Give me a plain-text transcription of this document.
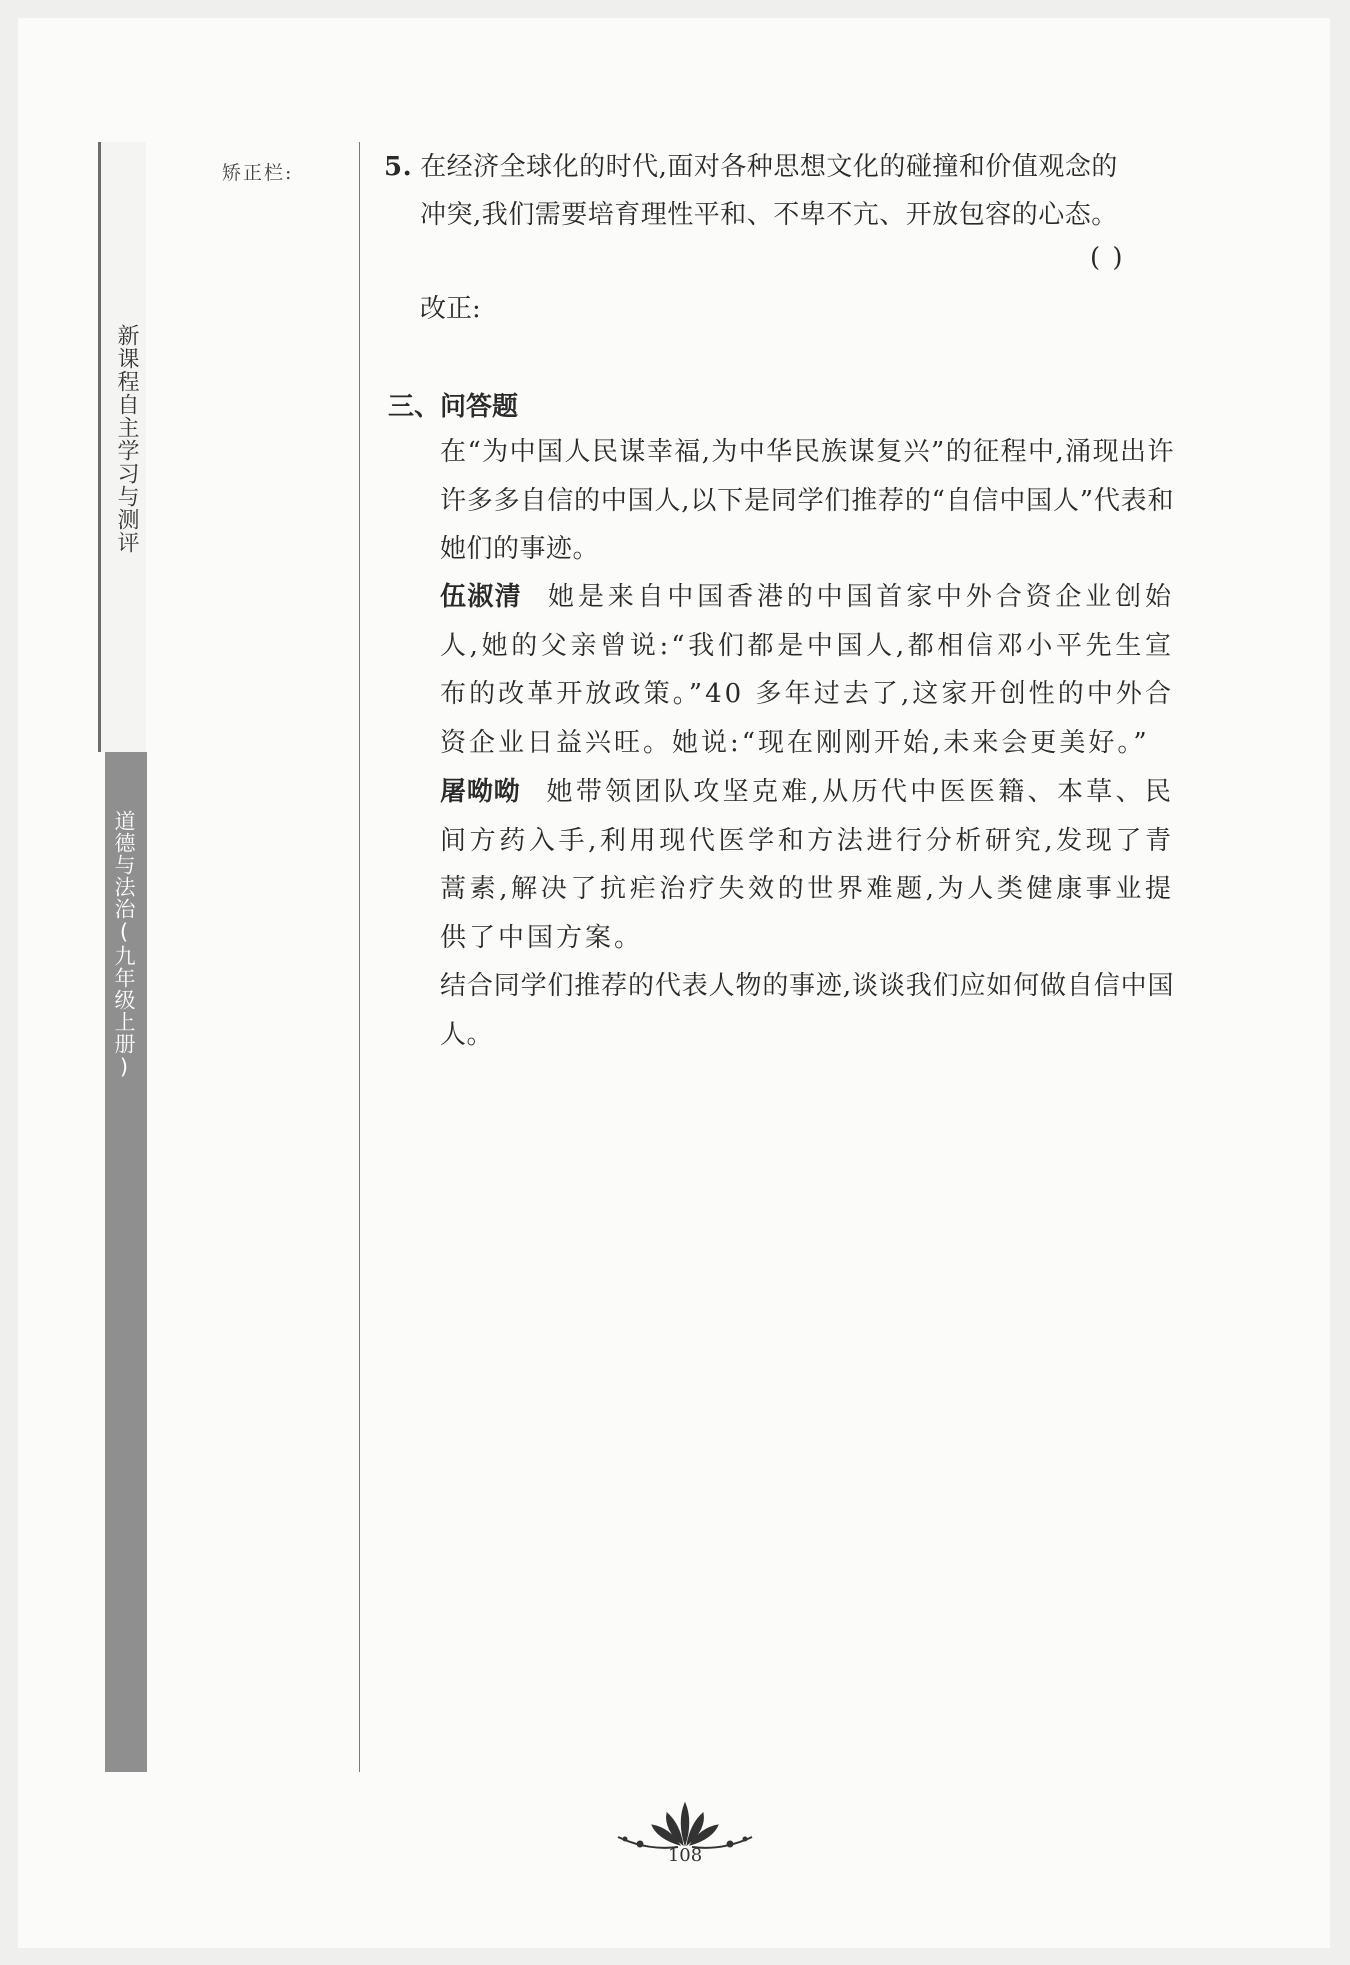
新课程自主学习与测评
道德与法治(九年级上册)
矫正栏:	5. 在经济全球化的时代,面对各种思想文化的碰撞和价值观念的
冲突,我们需要培育理性平和、不卑不亢、开放包容的心态。
( )
改正:
三、问答题
在“为中国人民谋幸福,为中华民族谋复兴”的征程中,涌现出许许多多自信的中国人,以下是同学们推荐的“自信中国人”代表和她们的事迹。
伍淑清 她是来自中国香港的中国首家中外合资企业创始人,她的父亲曾说:“我们都是中国人,都相信邓小平先生宣布的改革开放政策。”40 多年过去了,这家开创性的中外合资企业日益兴旺。她说:“现在刚刚开始,未来会更美好。”
屠呦呦 她带领团队攻坚克难,从历代中医医籍、本草、民间方药入手,利用现代医学和方法进行分析研究,发现了青蒿素,解决了抗疟治疗失效的世界难题,为人类健康事业提供了中国方案。
结合同学们推荐的代表人物的事迹,谈谈我们应如何做自信中国人。
108
